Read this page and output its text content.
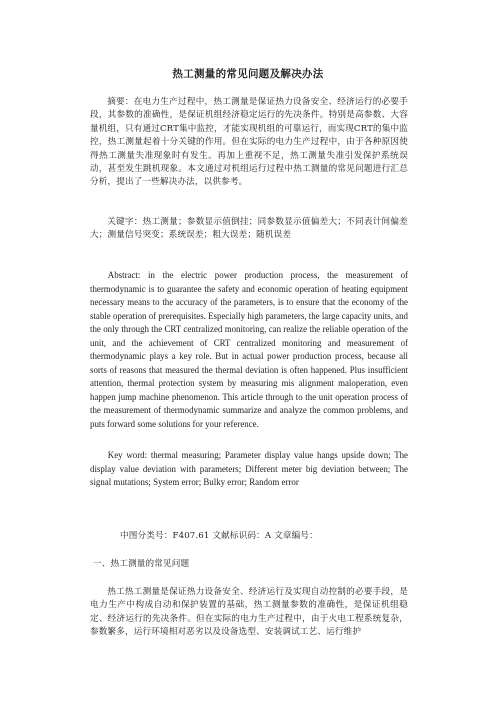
热工测量的常见问题及解决办法
摘要：在电力生产过程中，热工测量是保证热力设备安全、经济运行的必要手段，其参数的准确性，是保证机组经济稳定运行的先决条件。特别是高参数、大容量机组，只有通过CRT集中监控，才能实现机组的可靠运行，而实现CRT的集中监控，热工测量起着十分关键的作用。但在实际的电力生产过程中，由于各种原因使得热工测量失准现象时有发生。再加上重视不足，热工测量失准引发保护系统误动，甚至发生跳机现象。本文通过对机组运行过程中热工测量的常见问题进行汇总分析，提出了一些解决办法，以供参考。
关键字：热工测量；参数显示值倒挂；同参数显示值偏差大；不同表计间偏差大；测量信号突变；系统误差；粗大误差；随机误差
Abstract: in the electric power production process, the measurement of thermodynamic is to guarantee the safety and economic operation of heating equipment necessary means to the accuracy of the parameters, is to ensure that the economy of the stable operation of prerequisites. Especially high parameters, the large capacity units, and the only through the CRT centralized monitoring, can realize the reliable operation of the unit, and the achievement of CRT centralized monitoring and measurement of thermodynamic plays a key role. But in actual power production process, because all sorts of reasons that measured the thermal deviation is often happened. Plus insufficient attention, thermal protection system by measuring mis alignment maloperation, even happen jump machine phenomenon. This article through to the unit operation process of the measurement of thermodynamic summarize and analyze the common problems, and puts forward some solutions for your reference.
Key word: thermal measuring; Parameter display value hangs upside down; The display value deviation with parameters; Different meter big deviation between; The signal mutations; System error; Bulky error; Random error
中图分类号：F407.61 文献标识码：A 文章编号：
一、热工测量的常见问题
热工热工测量是保证热力设备安全、经济运行及实现自动控制的必要手段，是电力生产中构成自动和保护装置的基础，热工测量参数的准确性，是保证机组稳定、经济运行的先决条件。但在实际的电力生产过程中，由于火电工程系统复杂，参数繁多，运行环境相对恶劣以及设备选型、安装调试工艺、运行维护
